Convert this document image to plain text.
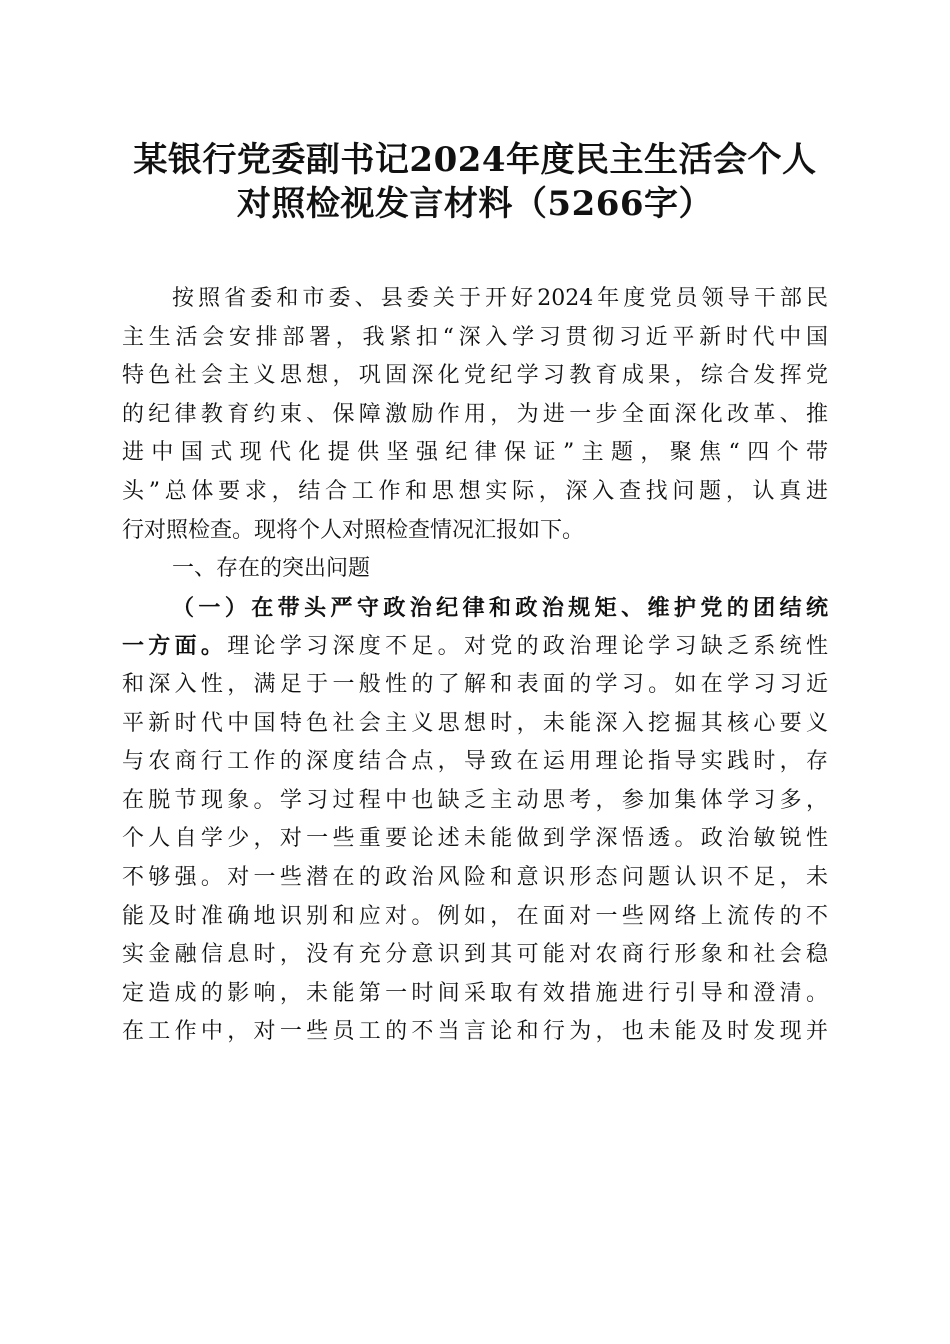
某银行党委副书记2024年度民主生活会个人
对照检视发言材料（5266字）
按照省委和市委、县委关于开好2024年度党员领导干部民
主生活会安排部署，我紧扣“深入学习贯彻习近平新时代中国
特色社会主义思想，巩固深化党纪学习教育成果，综合发挥党
的纪律教育约束、保障激励作用，为进一步全面深化改革、推
进中国式现代化提供坚强纪律保证”主题，聚焦“四个带
头”总体要求，结合工作和思想实际，深入查找问题，认真进
行对照检查。现将个人对照检查情况汇报如下。
一、存在的突出问题
（一）在带头严守政治纪律和政治规矩、维护党的团结统
一方面。理论学习深度不足。对党的政治理论学习缺乏系统性
和深入性，满足于一般性的了解和表面的学习。如在学习习近
平新时代中国特色社会主义思想时，未能深入挖掘其核心要义
与农商行工作的深度结合点，导致在运用理论指导实践时，存
在脱节现象。学习过程中也缺乏主动思考，参加集体学习多，
个人自学少，对一些重要论述未能做到学深悟透。政治敏锐性
不够强。对一些潜在的政治风险和意识形态问题认识不足，未
能及时准确地识别和应对。例如，在面对一些网络上流传的不
实金融信息时，没有充分意识到其可能对农商行形象和社会稳
定造成的影响，未能第一时间采取有效措施进行引导和澄清。
在工作中，对一些员工的不当言论和行为，也未能及时发现并
